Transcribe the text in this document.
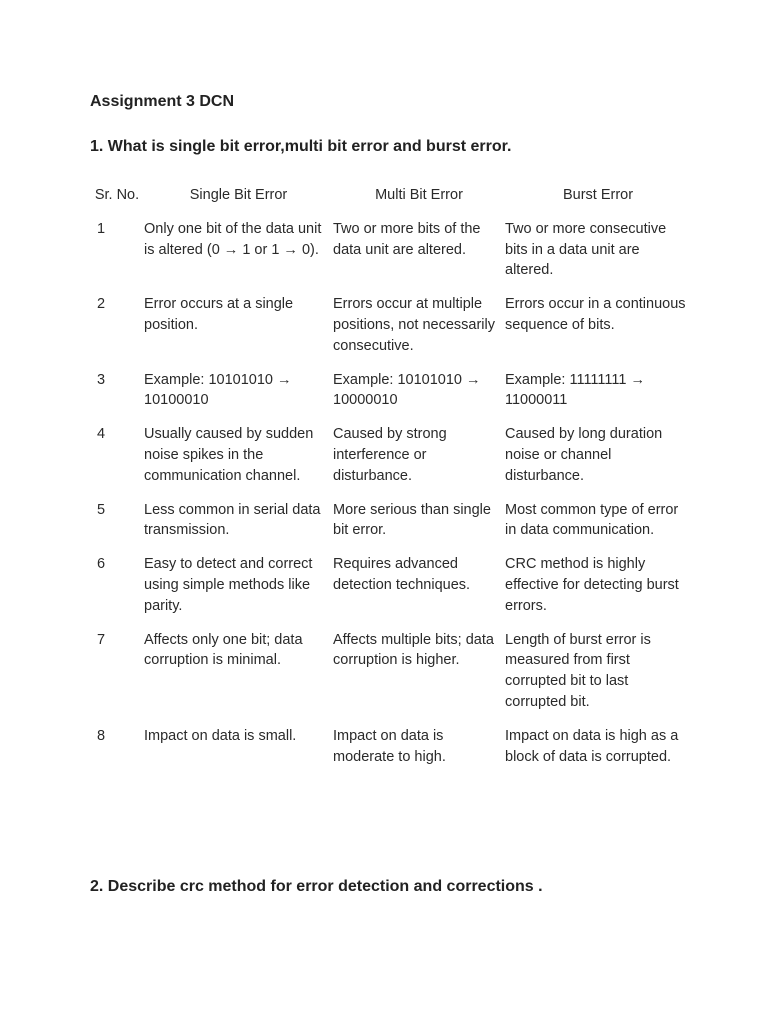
Assignment 3 DCN
1. What is single bit error,multi bit error and burst error.
Sr. No.	Single Bit Error	Multi Bit Error	Burst Error
1	Only one bit of the data unit is altered (0 → 1 or 1 → 0).	Two or more bits of the data unit are altered.	Two or more consecutive bits in a data unit are altered.
2	Error occurs at a single position.	Errors occur at multiple positions, not necessarily consecutive.	Errors occur in a continuous sequence of bits.
3	Example: 10101010 → 10100010	Example: 10101010 → 10000010	Example: 11111111 → 11000011
4	Usually caused by sudden noise spikes in the communication channel.	Caused by strong interference or disturbance.	Caused by long duration noise or channel disturbance.
5	Less common in serial data transmission.	More serious than single bit error.	Most common type of error in data communication.
6	Easy to detect and correct using simple methods like parity.	Requires advanced detection techniques.	CRC method is highly effective for detecting burst errors.
7	Affects only one bit; data corruption is minimal.	Affects multiple bits; data corruption is higher.	Length of burst error is measured from first corrupted bit to last corrupted bit.
8	Impact on data is small.	Impact on data is moderate to high.	Impact on data is high as a block of data is corrupted.
2. Describe crc method for error detection and corrections .
